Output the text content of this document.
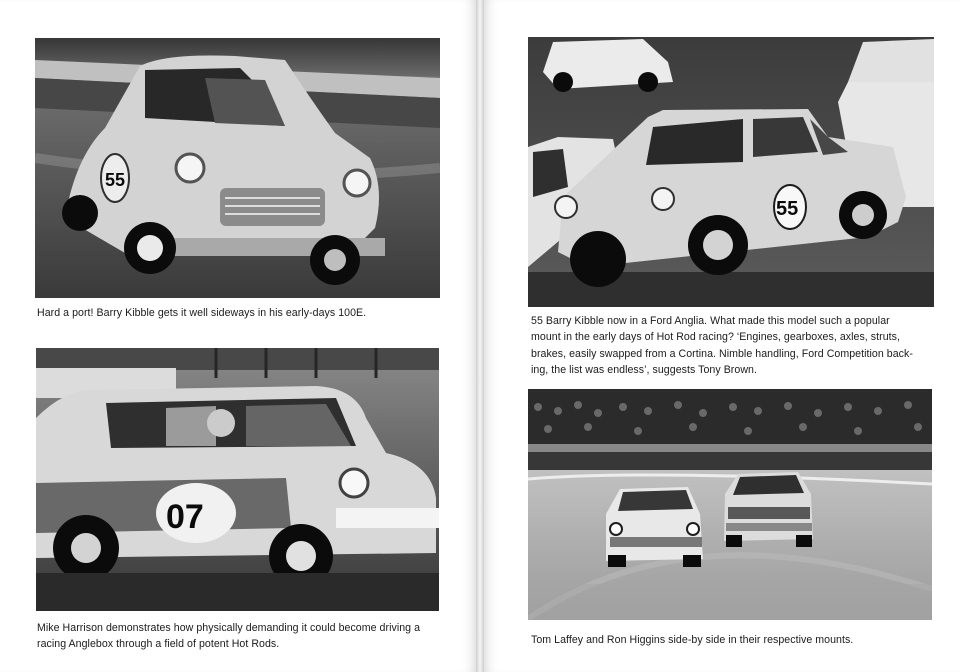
55
Hard a port! Barry Kibble gets it well sideways in his early-days 100E.
07
Mike Harrison demonstrates how physically demanding it could become driving a
racing Anglebox through a field of potent Hot Rods.
55
55 Barry Kibble now in a Ford Anglia. What made this model such a popular
mount in the early days of Hot Rod racing? ‘Engines, gearboxes, axles, struts,
brakes, easily swapped from a Cortina. Nimble handling, Ford Competition back-
ing, the list was endless’, suggests Tony Brown.
Tom Laffey and Ron Higgins side-by side in their respective mounts.
